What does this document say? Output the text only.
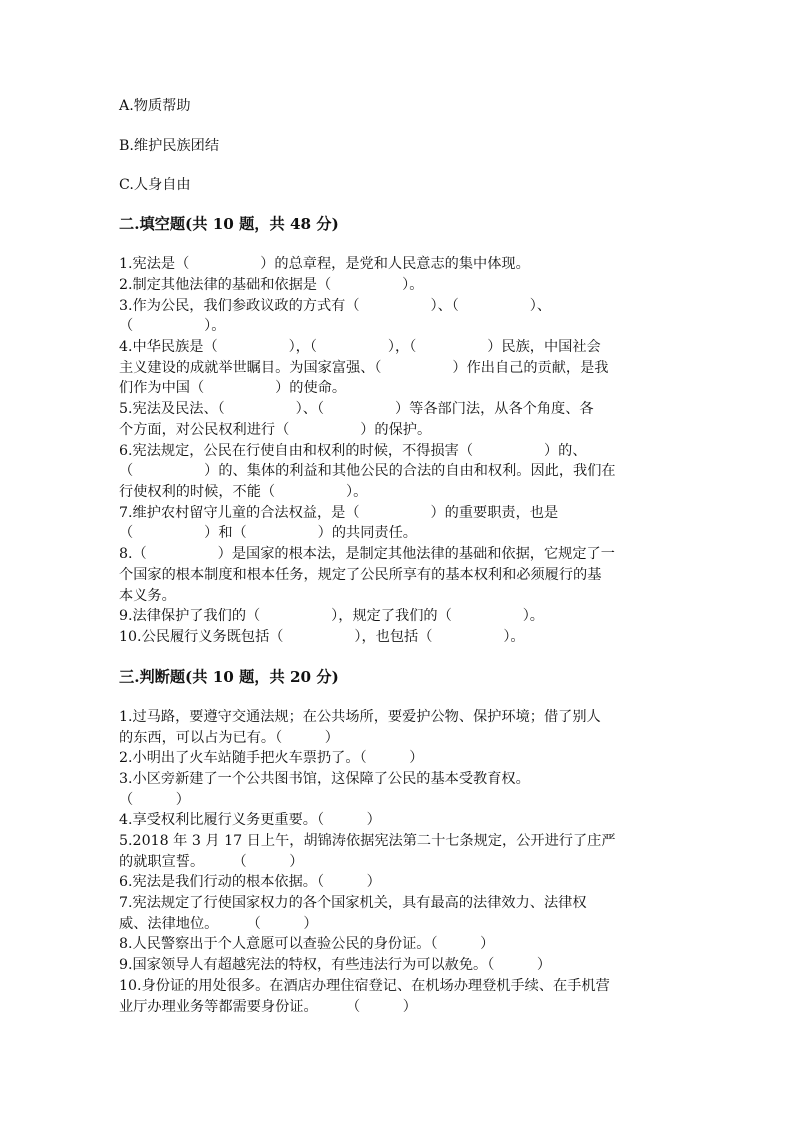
A.物质帮助
B.维护民族团结
C.人身自由
二.填空题(共 10 题，共 48 分)
1.宪法是（　　　　　）的总章程，是党和人民意志的集中体现。
2.制定其他法律的基础和依据是（　　　　　）。
3.作为公民，我们参政议政的方式有（　　　　　）、（　　　　　）、
（　　　　　）。
4.中华民族是（　　　　　），（　　　　　），（　　　　　）民族，中国社会
主义建设的成就举世瞩目。为国家富强、（　　　　　）作出自己的贡献，是我
们作为中国（　　　　　）的使命。
5.宪法及民法、（　　　　　）、（　　　　　）等各部门法，从各个角度、各
个方面，对公民权利进行（　　　　　）的保护。
6.宪法规定，公民在行使自由和权利的时候，不得损害（　　　　　）的、
（　　　　　）的、集体的利益和其他公民的合法的自由和权利。因此，我们在
行使权利的时候，不能（　　　　　）。
7.维护农村留守儿童的合法权益，是（　　　　　）的重要职责，也是
（　　　　　）和（　　　　　）的共同责任。
8.（　　　　　）是国家的根本法，是制定其他法律的基础和依据，它规定了一
个国家的根本制度和根本任务，规定了公民所享有的基本权利和必须履行的基
本义务。
9.法律保护了我们的（　　　　　），规定了我们的（　　　　　）。
10.公民履行义务既包括（　　　　　），也包括（　　　　　）。
三.判断题(共 10 题，共 20 分)
1.过马路，要遵守交通法规；在公共场所，要爱护公物、保护环境；借了别人
的东西，可以占为已有。（　　　）
2.小明出了火车站随手把火车票扔了。（　　　）
3.小区旁新建了一个公共图书馆，这保障了公民的基本受教育权。
（　　　）
4.享受权利比履行义务更重要。（　　　）
5.2018 年 3 月 17 日上午，胡锦涛依据宪法第二十七条规定，公开进行了庄严
的就职宣誓。　　　（　　　）
6.宪法是我们行动的根本依据。（　　　）
7.宪法规定了行使国家权力的各个国家机关，具有最高的法律效力、法律权
威、法律地位。　　　（　　　）
8.人民警察出于个人意愿可以查验公民的身份证。（　　　）
9.国家领导人有超越宪法的特权，有些违法行为可以赦免。（　　　）
10.身份证的用处很多。在酒店办理住宿登记、在机场办理登机手续、在手机营
业厅办理业务等都需要身份证。　　　（　　　）
